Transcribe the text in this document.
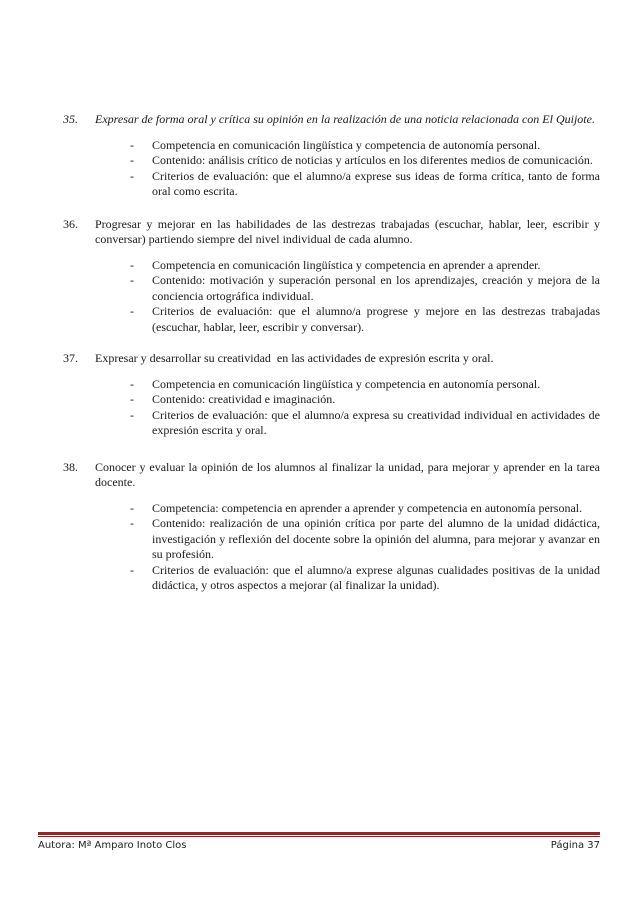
35.	Expresar de forma oral y crítica su opinión en la realización de una noticia relacionada con El Quijote.
-	Competencia en comunicación lingüística y competencia de autonomía personal.
-	Contenido: análisis crítico de noticias y artículos en los diferentes medios de comunicación.
-	Criterios de evaluación: que el alumno/a exprese sus ideas de forma crítica, tanto de forma oral como escrita.
36.	Progresar y mejorar en las habilidades de las destrezas trabajadas (escuchar, hablar, leer, escribir y conversar) partiendo siempre del nivel individual de cada alumno.
-	Competencia en comunicación lingüística y competencia en aprender a aprender.
-	Contenido: motivación y superación personal en los aprendizajes, creación y mejora de la conciencia ortográfica individual.
-	Criterios de evaluación: que el alumno/a progrese y mejore en las destrezas trabajadas (escuchar, hablar, leer, escribir y conversar).
37.	Expresar y desarrollar su creatividad  en las actividades de expresión escrita y oral.
-	Competencia en comunicación lingüística y competencia en autonomía personal.
-	Contenido: creatividad e imaginación.
-	Criterios de evaluación: que el alumno/a expresa su creatividad individual en actividades de expresión escrita y oral.
38.	Conocer y evaluar la opinión de los alumnos al finalizar la unidad, para mejorar y aprender en la tarea docente.
-	Competencia: competencia en aprender a aprender y competencia en autonomía personal.
-	Contenido: realización de una opinión crítica por parte del alumno de la unidad didáctica, investigación y reflexión del docente sobre la opinión del alumna, para mejorar y avanzar en su profesión.
-	Criterios de evaluación: que el alumno/a exprese algunas cualidades positivas de la unidad didáctica, y otros aspectos a mejorar (al finalizar la unidad).
Autora: Mª Amparo Inoto Clos	Página 37
